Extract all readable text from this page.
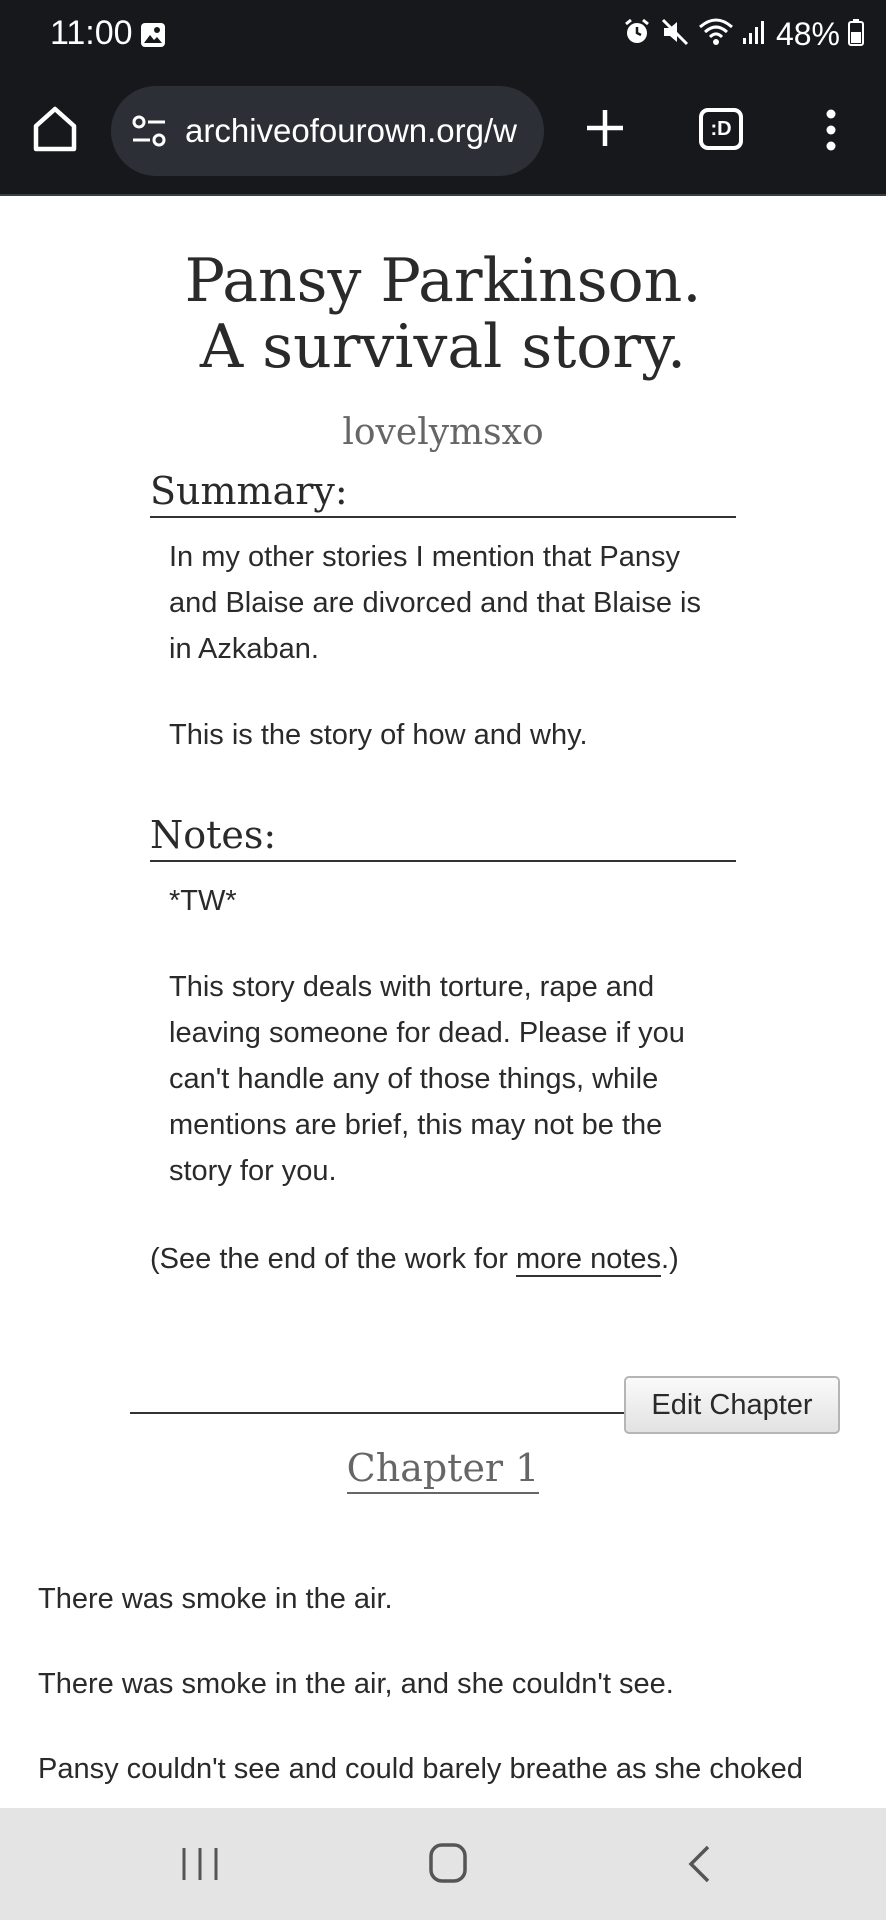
11:00	48%
archiveofourown.org/w	:D
Pansy Parkinson.
A survival story.
lovelymsxo
Summary:

In my other stories I mention that Pansy and Blaise are divorced and that Blaise is in Azkaban.

This is the story of how and why.

Notes:

*TW*

This story deals with torture, rape and leaving someone for dead. Please if you can't handle any of those things, while mentions are brief, this may not be the story for you.

(See the end of the work for more notes.)

Edit Chapter
Chapter 1

There was smoke in the air.

There was smoke in the air, and she couldn't see.

Pansy couldn't see and could barely breathe as she choked
